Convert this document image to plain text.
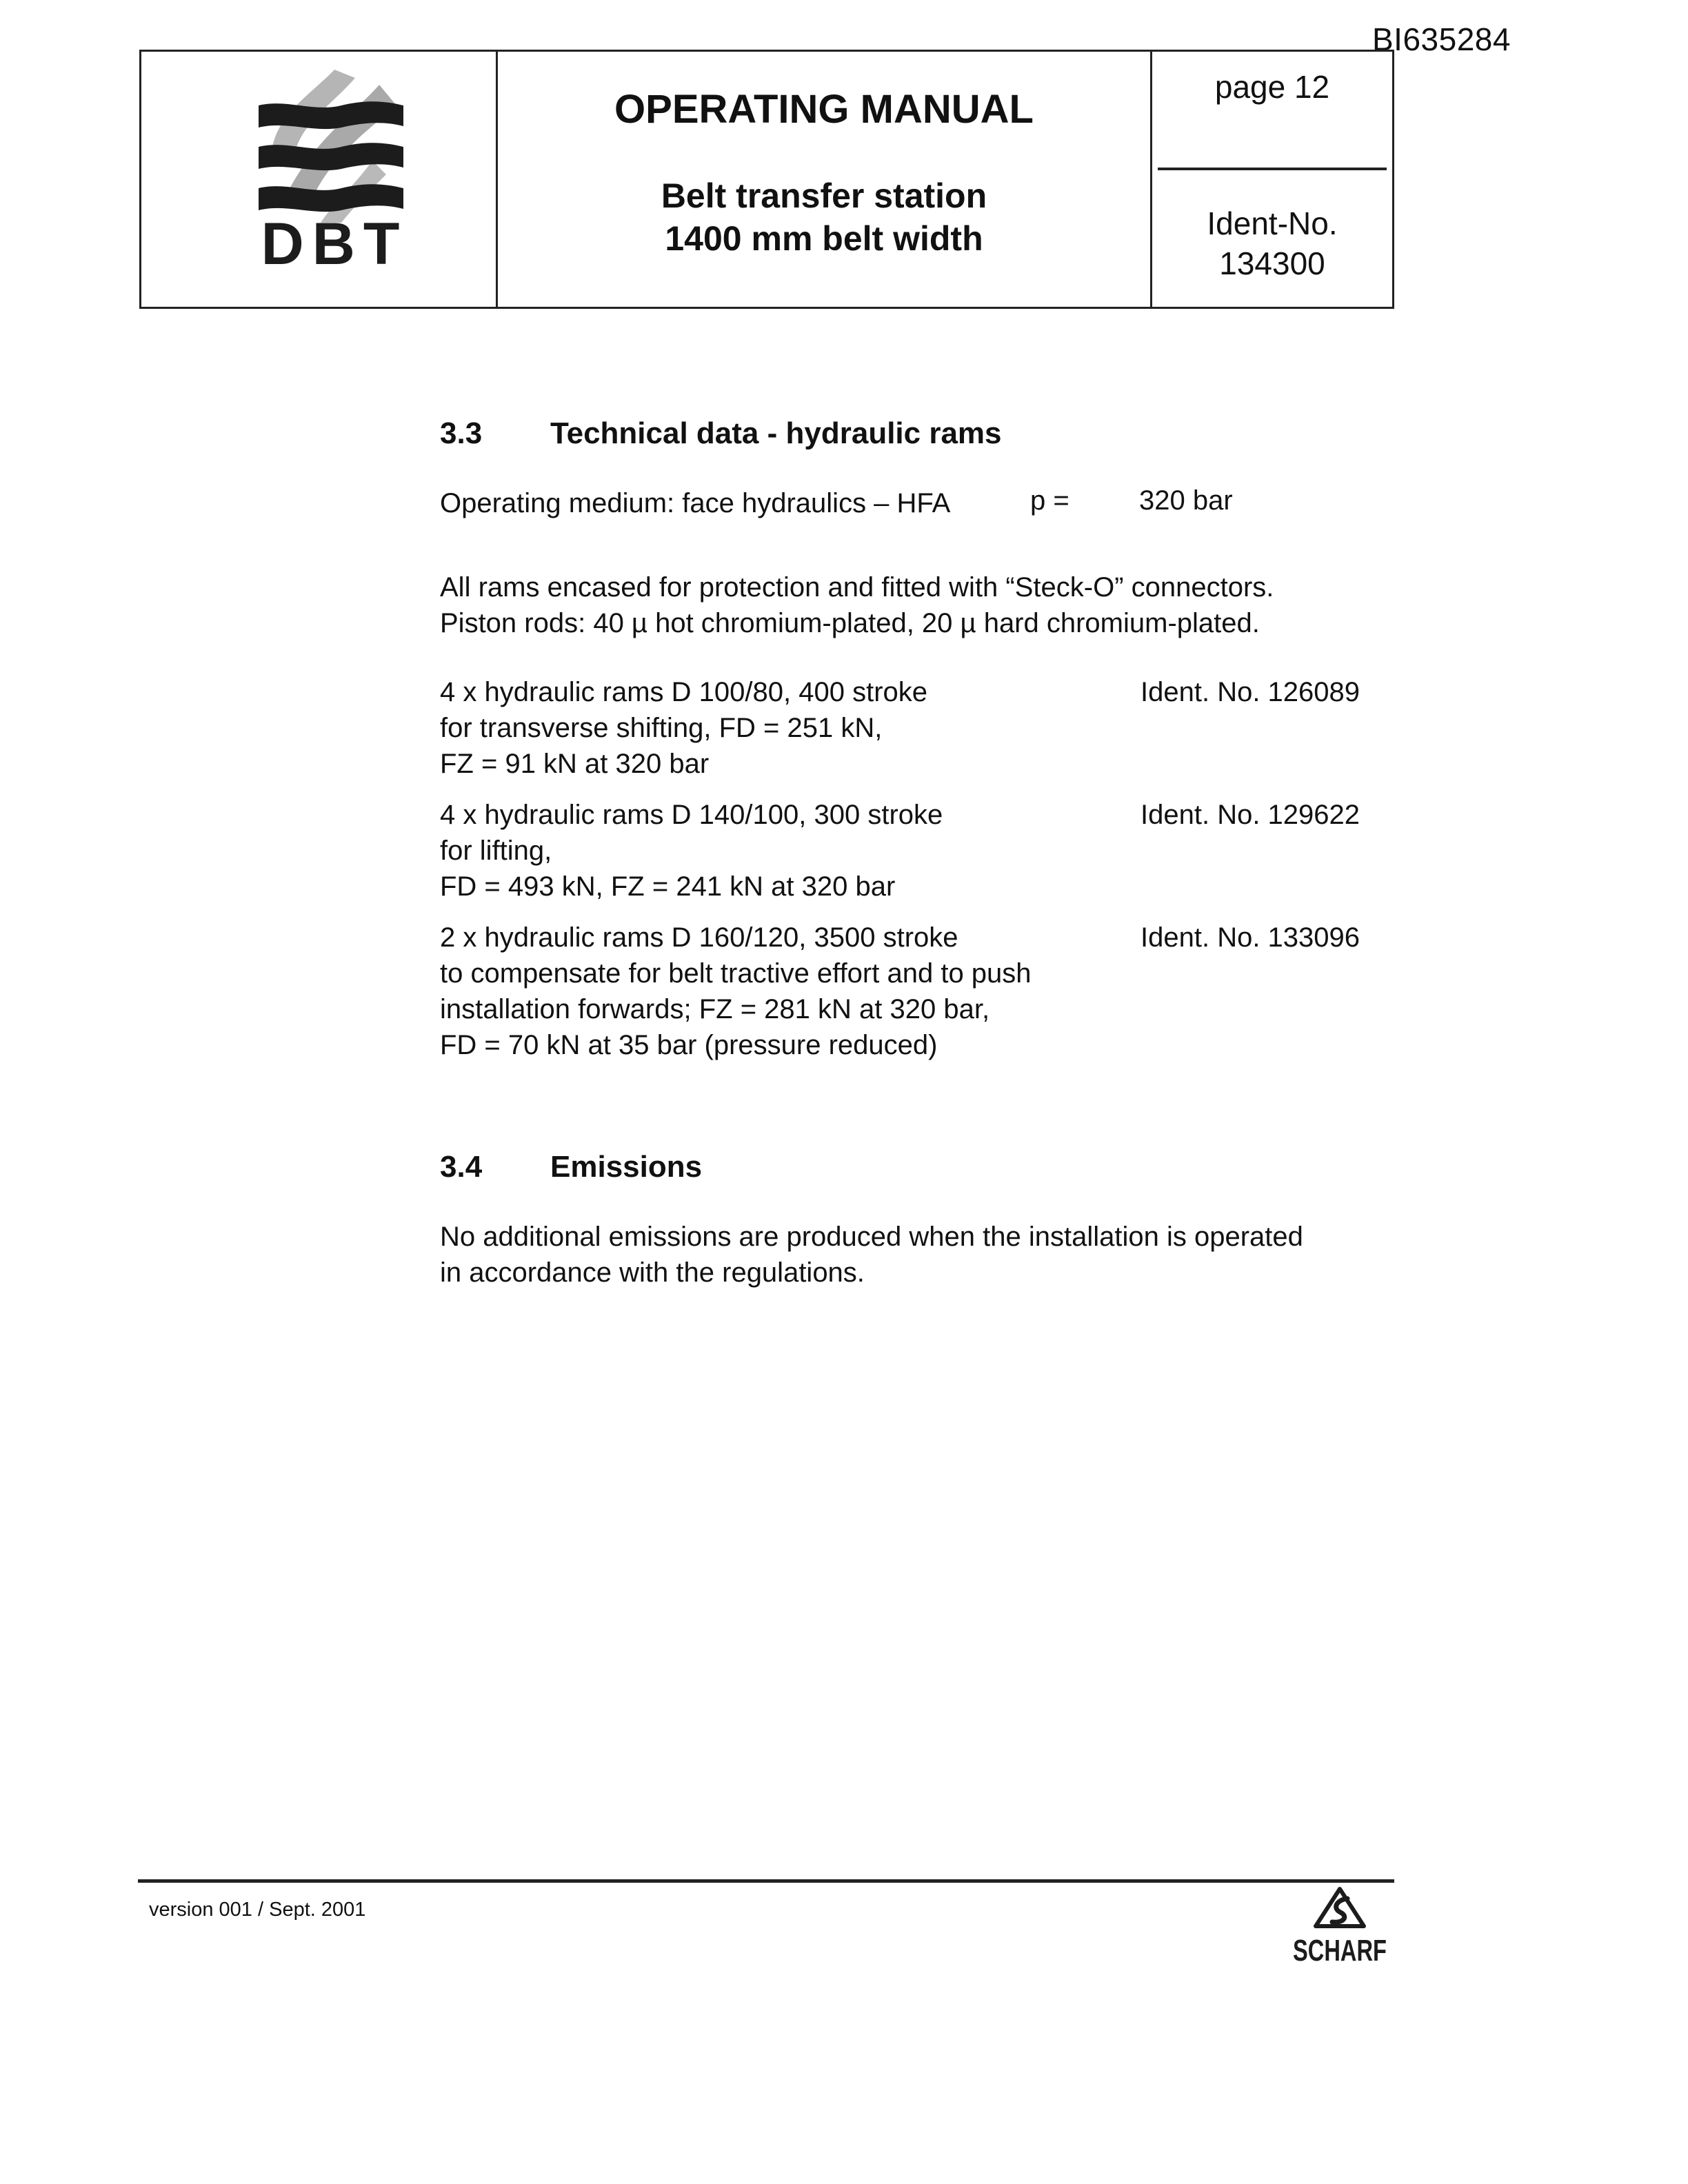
BI635284
DBT
OPERATING MANUAL
Belt transfer station
1400 mm belt width
page 12
Ident-No.
134300
3.3 Technical data - hydraulic rams
Operating medium: face hydraulics – HFA	p =	320 bar
All rams encased for protection and fitted with “Steck-O” connectors.
Piston rods: 40 µ hot chromium-plated, 20 µ hard chromium-plated.
4 x hydraulic rams D 100/80, 400 stroke
for transverse shifting, FD = 251 kN,
FZ = 91 kN at 320 bar
Ident. No. 126089
4 x hydraulic rams D 140/100, 300 stroke
for lifting,
FD = 493 kN, FZ = 241 kN at 320 bar
Ident. No. 129622
2 x hydraulic rams D 160/120, 3500 stroke
to compensate for belt tractive effort and to push
installation forwards; FZ = 281 kN at 320 bar,
FD = 70 kN at 35 bar (pressure reduced)
Ident. No. 133096
3.4 Emissions
No additional emissions are produced when the installation is operated
in accordance with the regulations.
version 001 / Sept. 2001
SCHARF
